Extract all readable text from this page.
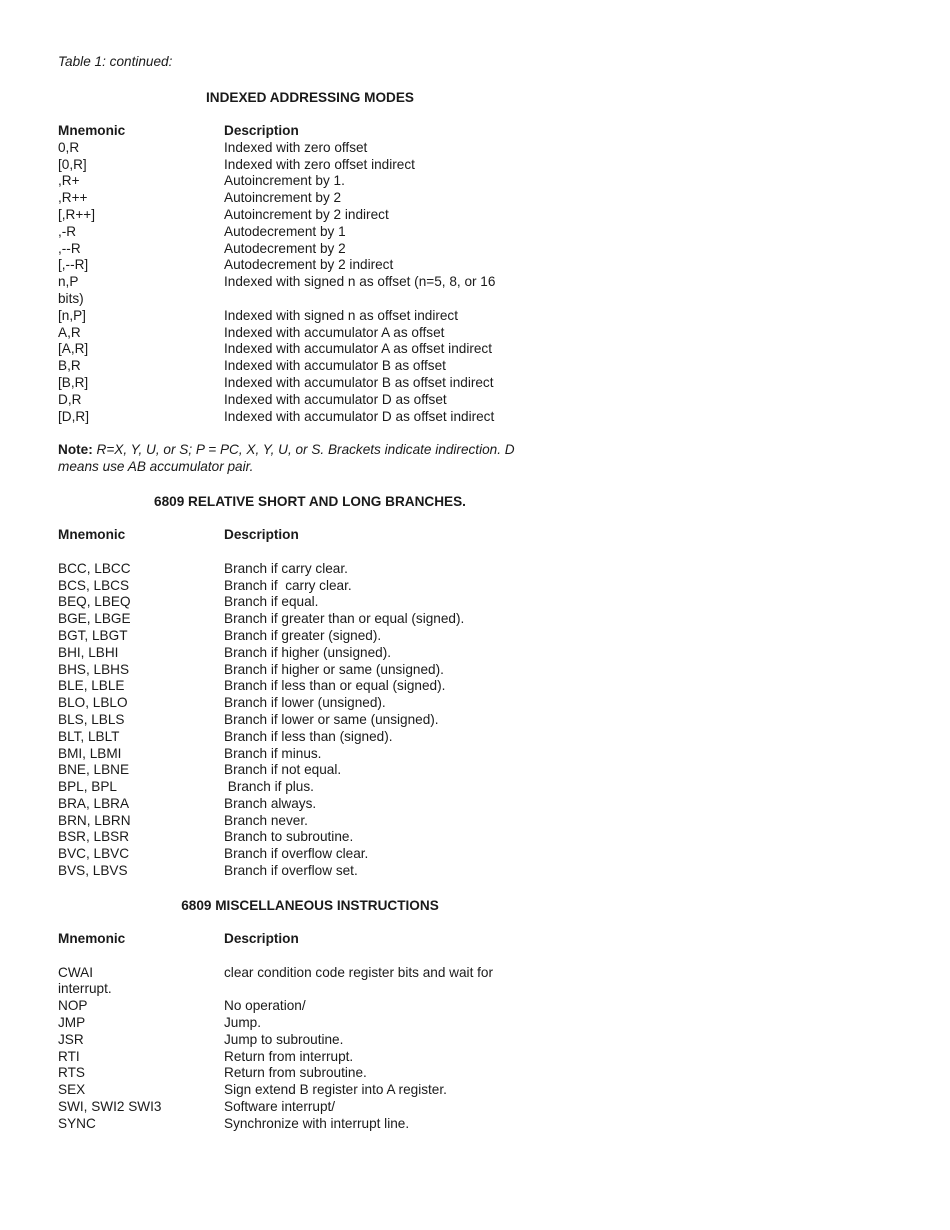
Table 1: continued:
INDEXED ADDRESSING MODES
Mnemonic	Description
0,R	Indexed with zero offset
[0,R]	Indexed with zero offset indirect
,R+	Autoincrement by 1.
,R++	Autoincrement by 2
[,R++]	Autoincrement by 2 indirect
,-R	Autodecrement by 1
,--R	Autodecrement by 2
[,--R]	Autodecrement by 2 indirect
n,P	Indexed with signed n as offset (n=5, 8, or 16
bits)
[n,P]	Indexed with signed n as offset indirect
A,R	Indexed with accumulator A as offset
[A,R]	Indexed with accumulator A as offset indirect
B,R	Indexed with accumulator B as offset
[B,R]	Indexed with accumulator B as offset indirect
D,R	Indexed with accumulator D as offset
[D,R]	Indexed with accumulator D as offset indirect
Note: R=X, Y, U, or S; P = PC, X, Y, U, or S. Brackets indicate indirection. D means use AB accumulator pair.
6809 RELATIVE SHORT AND LONG BRANCHES.
Mnemonic	Description
BCC, LBCC	Branch if carry clear.
BCS, LBCS	Branch if  carry clear.
BEQ, LBEQ	Branch if equal.
BGE, LBGE	Branch if greater than or equal (signed).
BGT, LBGT	Branch if greater (signed).
BHI, LBHI	Branch if higher (unsigned).
BHS, LBHS	Branch if higher or same (unsigned).
BLE, LBLE	Branch if less than or equal (signed).
BLO, LBLO	Branch if lower (unsigned).
BLS, LBLS	Branch if lower or same (unsigned).
BLT, LBLT	Branch if less than (signed).
BMI, LBMI	Branch if minus.
BNE, LBNE	Branch if not equal.
BPL, BPL	Branch if plus.
BRA, LBRA	Branch always.
BRN, LBRN	Branch never.
BSR, LBSR	Branch to subroutine.
BVC, LBVC	Branch if overflow clear.
BVS, LBVS	Branch if overflow set.
6809 MISCELLANEOUS INSTRUCTIONS
Mnemonic	Description
CWAI	clear condition code register bits and wait for
interrupt.
NOP	No operation/
JMP	Jump.
JSR	Jump to subroutine.
RTI	Return from interrupt.
RTS	Return from subroutine.
SEX	Sign extend B register into A register.
SWI, SWI2 SWI3	Software interrupt/
SYNC	Synchronize with interrupt line.
